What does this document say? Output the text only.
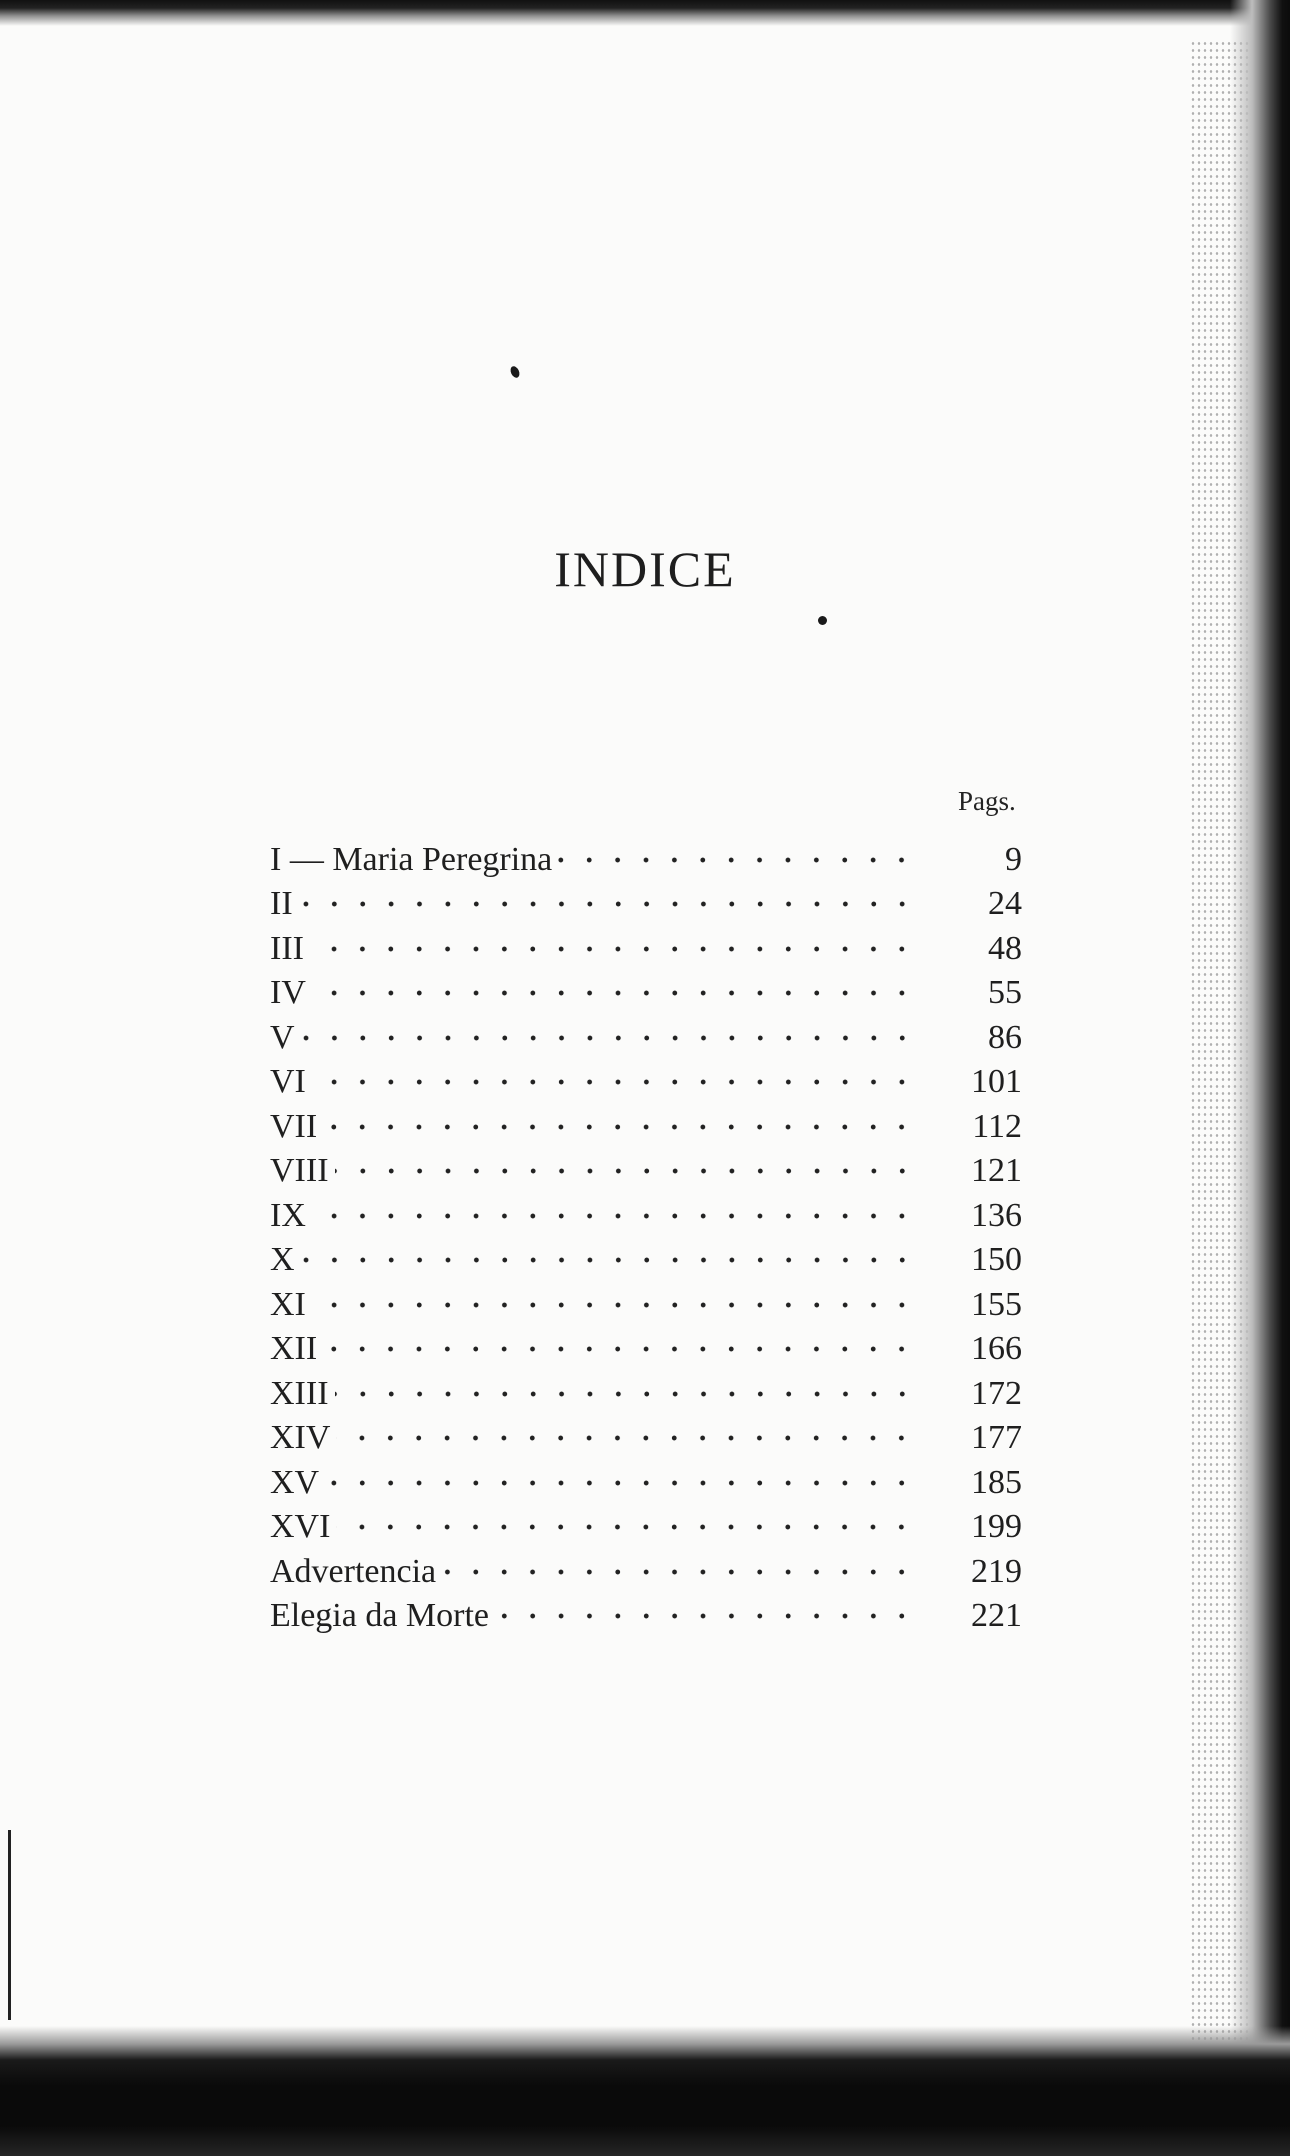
INDICE
Pags.
I — Maria Peregrina	9
II	24
III	48
IV	55
V	86
VI	101
VII	112
VIII	121
IX	136
X	150
XI	155
XII	166
XIII	172
XIV	177
XV	185
XVI	199
Advertencia	219
Elegia da Morte	221
